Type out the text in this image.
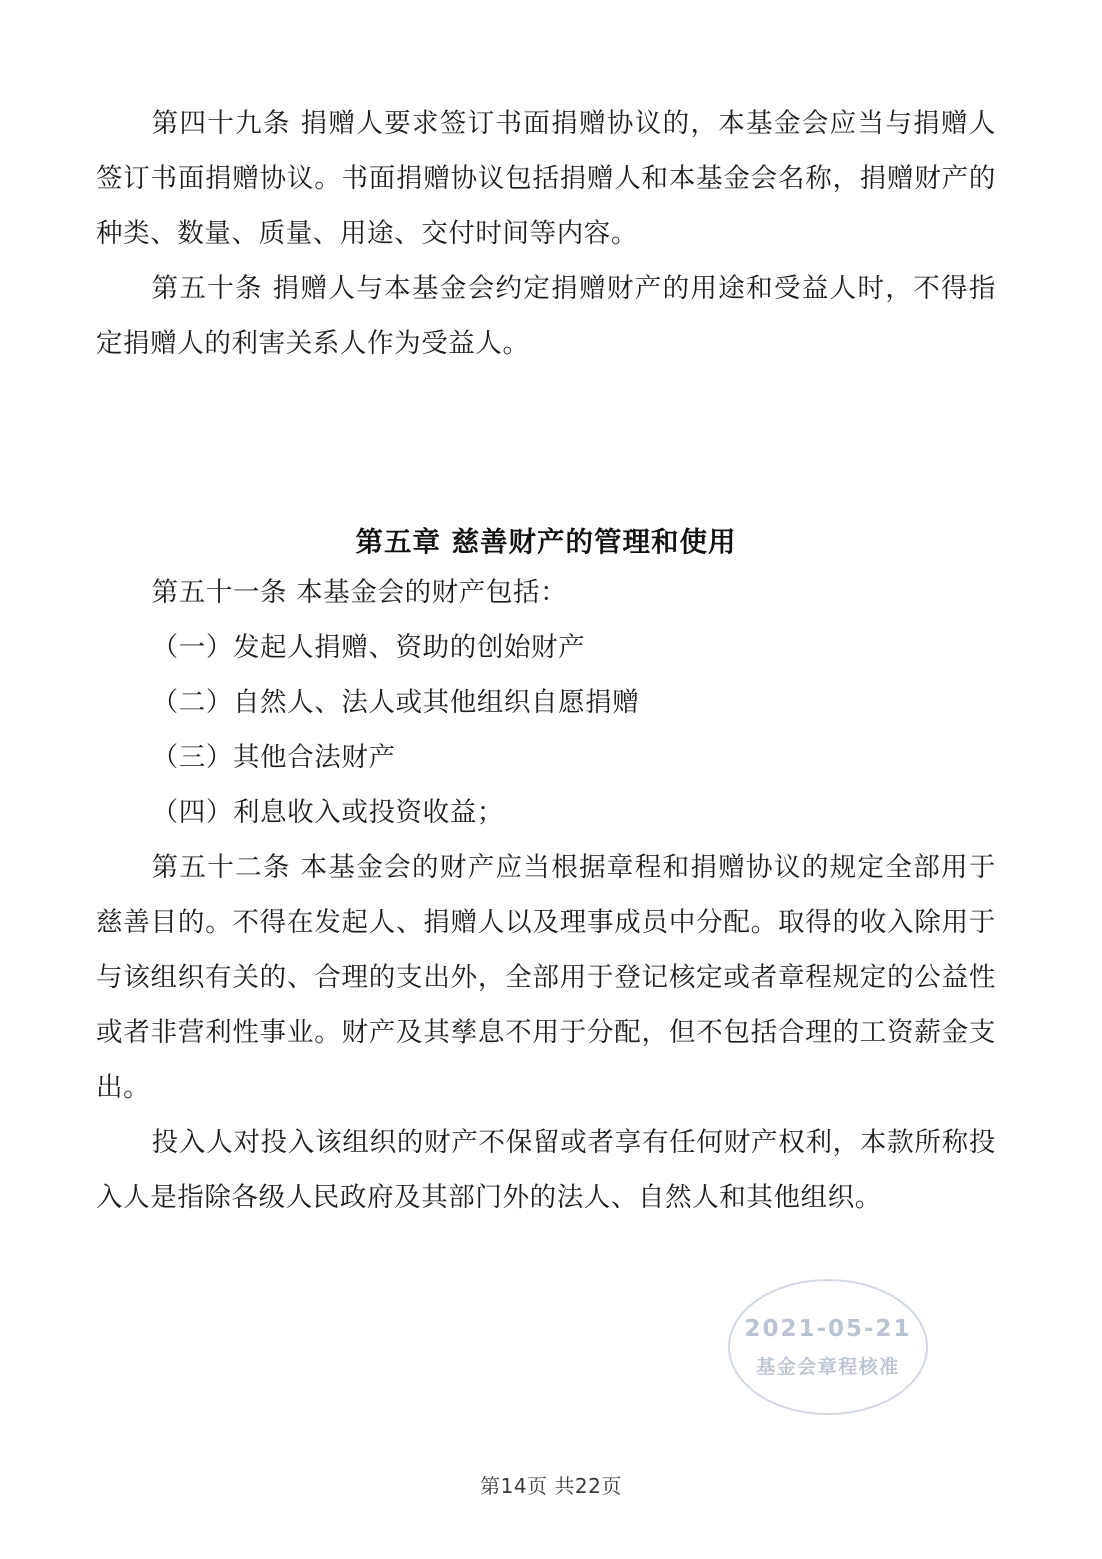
第四十九条 捐赠人要求签订书面捐赠协议的，本基金会应当与捐赠人签订书面捐赠协议。书面捐赠协议包括捐赠人和本基金会名称，捐赠财产的种类、数量、质量、用途、交付时间等内容。

第五十条 捐赠人与本基金会约定捐赠财产的用途和受益人时，不得指定捐赠人的利害关系人作为受益人。

第五章 慈善财产的管理和使用

第五十一条 本基金会的财产包括：

（一）发起人捐赠、资助的创始财产

（二）自然人、法人或其他组织自愿捐赠

（三）其他合法财产

（四）利息收入或投资收益；

第五十二条 本基金会的财产应当根据章程和捐赠协议的规定全部用于慈善目的。不得在发起人、捐赠人以及理事成员中分配。取得的收入除用于与该组织有关的、合理的支出外，全部用于登记核定或者章程规定的公益性或者非营利性事业。财产及其孳息不用于分配，但不包括合理的工资薪金支出。

投入人对投入该组织的财产不保留或者享有任何财产权利，本款所称投入人是指除各级人民政府及其部门外的法人、自然人和其他组织。

2021-05-21
基金会章程核准
第14页 共22页
